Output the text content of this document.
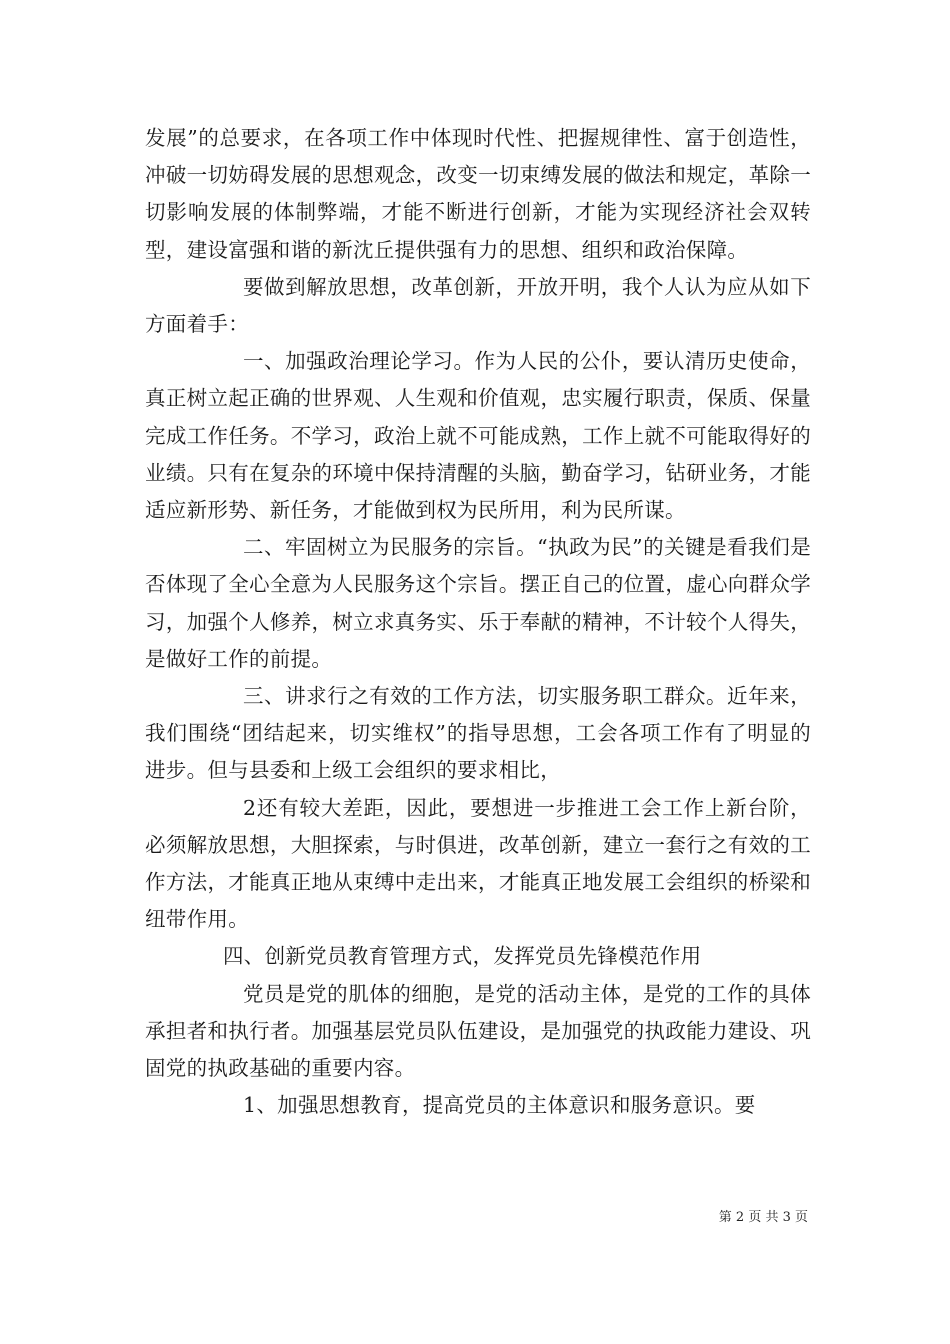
发展”的总要求，在各项工作中体现时代性、把握规律性、富于创造性，冲破一切妨碍发展的思想观念，改变一切束缚发展的做法和规定，革除一切影响发展的体制弊端，才能不断进行创新，才能为实现经济社会双转型，建设富强和谐的新沈丘提供强有力的思想、组织和政治保障。

要做到解放思想，改革创新，开放开明，我个人认为应从如下方面着手：

一、加强政治理论学习。作为人民的公仆，要认清历史使命，真正树立起正确的世界观、人生观和价值观，忠实履行职责，保质、保量完成工作任务。不学习，政治上就不可能成熟，工作上就不可能取得好的业绩。只有在复杂的环境中保持清醒的头脑，勤奋学习，钻研业务，才能适应新形势、新任务，才能做到权为民所用，利为民所谋。

二、牢固树立为民服务的宗旨。“执政为民”的关键是看我们是否体现了全心全意为人民服务这个宗旨。摆正自己的位置，虚心向群众学习，加强个人修养，树立求真务实、乐于奉献的精神，不计较个人得失，是做好工作的前提。

三、讲求行之有效的工作方法，切实服务职工群众。近年来，我们围绕“团结起来，切实维权”的指导思想，工会各项工作有了明显的进步。但与县委和上级工会组织的要求相比，

2还有较大差距，因此，要想进一步推进工会工作上新台阶，必须解放思想，大胆探索，与时俱进，改革创新，建立一套行之有效的工作方法，才能真正地从束缚中走出来，才能真正地发展工会组织的桥梁和纽带作用。

四、创新党员教育管理方式，发挥党员先锋模范作用

党员是党的肌体的细胞，是党的活动主体，是党的工作的具体承担者和执行者。加强基层党员队伍建设，是加强党的执政能力建设、巩固党的执政基础的重要内容。

1、加强思想教育，提高党员的主体意识和服务意识。要

第 2 页 共 3 页
